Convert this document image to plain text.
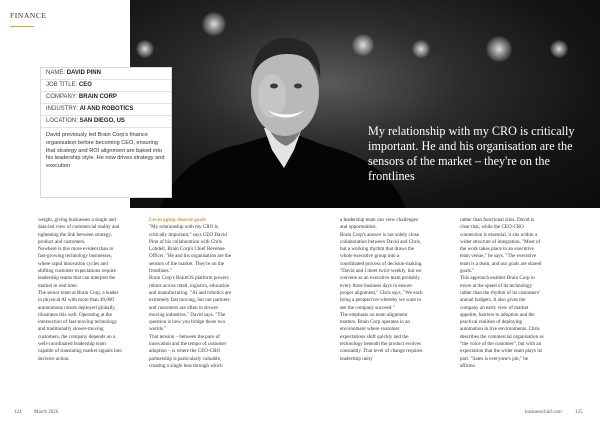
FINANCE
My relationship with my CRO is critically important. He and his organisation are the sensors of the market – they're on the frontlines
NAME: DAVID PINN
JOB TITLE: CEO
COMPANY: BRAIN CORP
INDUSTRY: AI AND ROBOTICS
LOCATION: SAN DIEGO, US
David previously led Brain Corp's finance organisation before becoming CEO, ensuring that strategy and ROI alignment are baked into his leadership style. He now drives strategy and execution

weight, giving businesses a single and data-led view of commercial reality and tightening the link between strategy, product and customers.

Nowhere is this more evident than in fast-growing technology businesses, where rapid innovation cycles and shifting customer expectations require leadership teams that can interpret the market in real time.

The senior team at Brain Corp, a leader in physical AI with more than 40,000 autonomous robots deployed globally, illustrates this well. Operating at the intersection of fast-moving technology and traditionally slower-moving customers, the company depends on a well-coordinated leadership team capable of translating market signals into decisive action.

Leveraging shared goals

"My relationship with my CRO is critically important," says CEO David Pinn of his collaboration with Chris Lobdell, Brain Corp's Chief Revenue Officer. "He and his organisation are the sensors of the market. They're on the frontlines."

Brain Corp's BrainOS platform powers robots across retail, logistics, education and manufacturing. "AI and robotics are extremely fast moving, but our partners and customers are often in slower-moving industries," David says. "The question is how you bridge those two worlds."

That tension – between the pace of innovation and the tempo of customer adoption – is where the CEO-CRO partnership is particularly valuable, creating a single lens through which

a leadership team can view challenges and opportunities.

Brain Corp's answer is not solely close collaboration between David and Chris, but a working rhythm that draws the whole executive group into a coordinated process of decision-making. "David and I meet twice weekly, but we convene as an executive team probably every three business days to ensure proper alignment," Chris says. "We each bring a perspective whereby we want to see the company succeed."

The emphasis on team alignment matters. Brain Corp operates in an environment where customer expectations shift quickly and the technology beneath the product evolves constantly. That level of change requires leadership unity

rather than functional silos. David is clear that, while the CEO-CRO connection is essential, it sits within a wider structure of integration. "Most of the work takes place in an executive team venue," he says. "The executive team is a team, and our goals are shared goals."

This approach enables Brain Corp to move at the speed of its technology rather than the rhythm of its customers' annual budgets. It also gives the company an early view of market appetite, barriers to adoption and the practical realities of deploying automation in live environments. Chris describes the commercial organisation as "the voice of the customer", but with an expectation that the wider team plays its part. "Sales is everyone's job," he affirms.

124	March 2026	businesschief.com	125
